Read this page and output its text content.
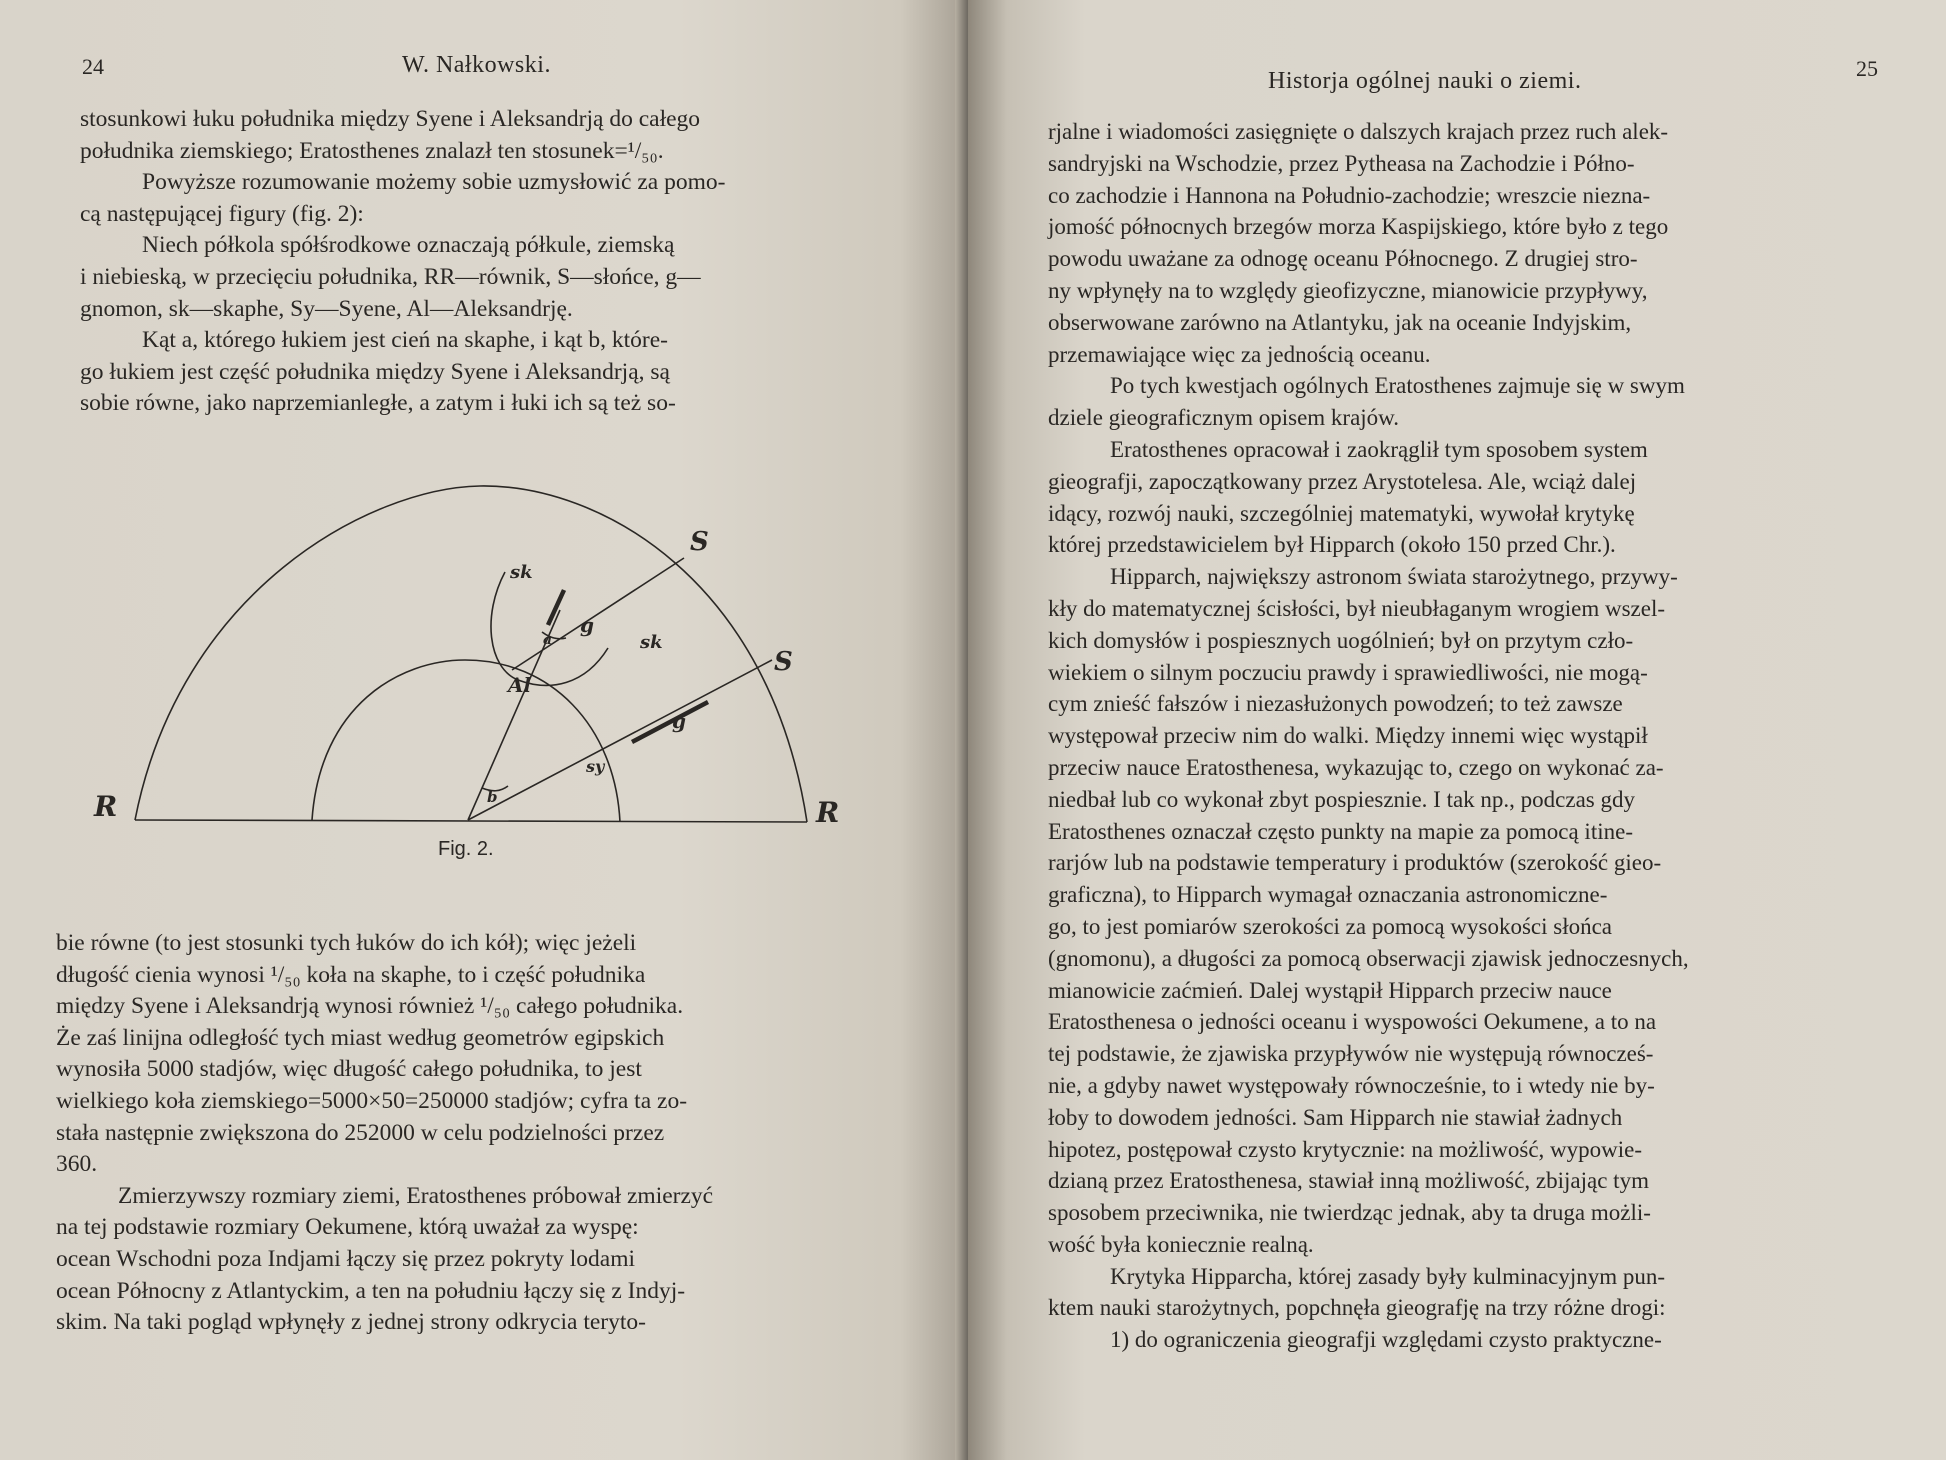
24	W. Nałkowski.
stosunkowi łuku południka między Syene i Aleksandrją do całego
południka ziemskiego; Eratosthenes znalazł ten stosunek=¹/₅₀.
Powyższe rozumowanie możemy sobie uzmysłowić za pomo-
cą następującej figury (fig. 2):
Niech półkola spółśrodkowe oznaczają półkule, ziemską
i niebieską, w przecięciu południka, RR—równik, S—słońce, g—
gnomon, sk—skaphe, Sy—Syene, Al—Aleksandrję.
Kąt a, którego łukiem jest cień na skaphe, i kąt b, które-
go łukiem jest część południka między Syene i Aleksandrją, są
sobie równe, jako naprzemianległe, a zatym i łuki ich są też so-
S
S
sk
sk
g
g
Al
a
b
sy
R	R
Fig. 2.
bie równe (to jest stosunki tych łuków do ich kół); więc jeżeli
długość cienia wynosi ¹/₅₀ koła na skaphe, to i część południka
między Syene i Aleksandrją wynosi również ¹/₅₀ całego południka.
Że zaś linijna odległość tych miast według geometrów egipskich
wynosiła 5000 stadjów, więc długość całego południka, to jest
wielkiego koła ziemskiego=5000×50=250000 stadjów; cyfra ta zo-
stała następnie zwiększona do 252000 w celu podzielności przez
360.
Zmierzywszy rozmiary ziemi, Eratosthenes próbował zmierzyć
na tej podstawie rozmiary Oekumene, którą uważał za wyspę:
ocean Wschodni poza Indjami łączy się przez pokryty lodami
ocean Północny z Atlantyckim, a ten na południu łączy się z Indyj-
skim. Na taki pogląd wpłynęły z jednej strony odkrycia teryto-
Historja ogólnej nauki o ziemi.	25
rjalne i wiadomości zasięgnięte o dalszych krajach przez ruch alek-
sandryjski na Wschodzie, przez Pytheasa na Zachodzie i Półno-
co zachodzie i Hannona na Południo-zachodzie; wreszcie niezna-
jomość północnych brzegów morza Kaspijskiego, które było z tego
powodu uważane za odnogę oceanu Północnego. Z drugiej stro-
ny wpłynęły na to względy gieofizyczne, mianowicie przypływy,
obserwowane zarówno na Atlantyku, jak na oceanie Indyjskim,
przemawiające więc za jednością oceanu.
Po tych kwestjach ogólnych Eratosthenes zajmuje się w swym
dziele gieograficznym opisem krajów.
Eratosthenes opracował i zaokrąglił tym sposobem system
gieografji, zapoczątkowany przez Arystotelesa. Ale, wciąż dalej
idący, rozwój nauki, szczególniej matematyki, wywołał krytykę
której przedstawicielem był Hipparch (około 150 przed Chr.).
Hipparch, największy astronom świata starożytnego, przywy-
kły do matematycznej ścisłości, był nieubłaganym wrogiem wszel-
kich domysłów i pospiesznych uogólnień; był on przytym czło-
wiekiem o silnym poczuciu prawdy i sprawiedliwości, nie mogą-
cym znieść fałszów i niezasłużonych powodzeń; to też zawsze
występował przeciw nim do walki. Między innemi więc wystąpił
przeciw nauce Eratosthenesa, wykazując to, czego on wykonać za-
niedbał lub co wykonał zbyt pospiesznie. I tak np., podczas gdy
Eratosthenes oznaczał często punkty na mapie za pomocą itine-
rarjów lub na podstawie temperatury i produktów (szerokość gieo-
graficzna), to Hipparch wymagał oznaczania astronomiczne-
go, to jest pomiarów szerokości za pomocą wysokości słońca
(gnomonu), a długości za pomocą obserwacji zjawisk jednoczesnych,
mianowicie zaćmień. Dalej wystąpił Hipparch przeciw nauce
Eratosthenesa o jedności oceanu i wyspowości Oekumene, a to na
tej podstawie, że zjawiska przypływów nie występują równocześ-
nie, a gdyby nawet występowały równocześnie, to i wtedy nie by-
łoby to dowodem jedności. Sam Hipparch nie stawiał żadnych
hipotez, postępował czysto krytycznie: na możliwość, wypowie-
dzianą przez Eratosthenesa, stawiał inną możliwość, zbijając tym
sposobem przeciwnika, nie twierdząc jednak, aby ta druga możli-
wość była koniecznie realną.
Krytyka Hipparcha, której zasady były kulminacyjnym pun-
ktem nauki starożytnych, popchnęła gieografję na trzy różne drogi:
1) do ograniczenia gieografji względami czysto praktyczne-
